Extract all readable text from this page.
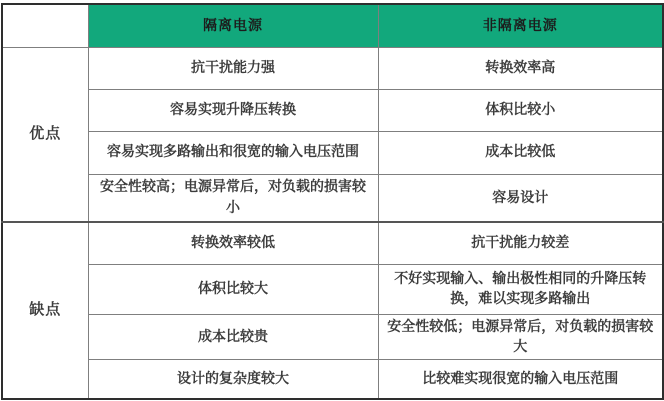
	隔离电源	非隔离电源
优点	抗干扰能力强	转换效率高
	容易实现升降压转换	体积比较小
	容易实现多路输出和很宽的输入电压范围	成本比较低
	安全性较高；电源异常后，对负载的损害较小	容易设计
缺点	转换效率较低	抗干扰能力较差
	体积比较大	不好实现输入、输出极性相同的升降压转换，难以实现多路输出
	成本比较贵	安全性较低；电源异常后，对负载的损害较大
	设计的复杂度较大	比较难实现很宽的输入电压范围
